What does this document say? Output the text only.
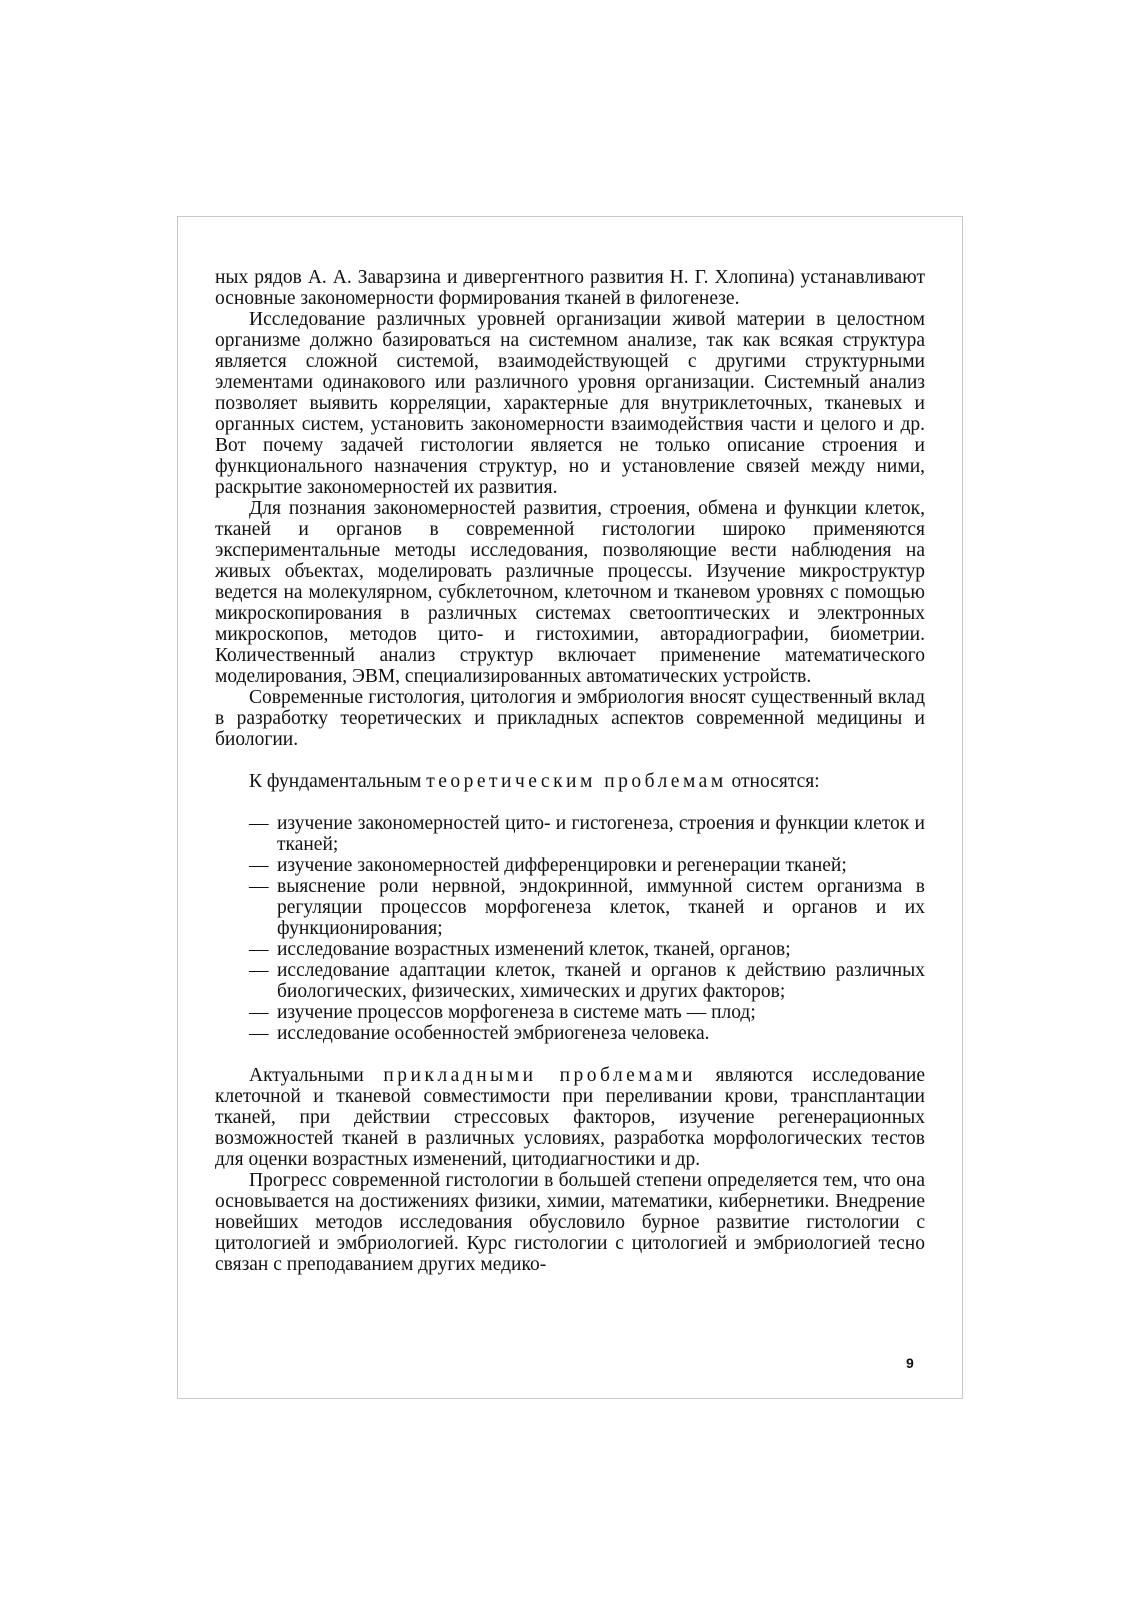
ных рядов А. А. Заварзина и дивергентного развития Н. Г. Хлопина) устанавливают основные закономерности формирования тканей в филогенезе.

Исследование различных уровней организации живой материи в целостном организме должно базироваться на системном анализе, так как всякая структура является сложной системой, взаимодействующей с другими структурными элементами одинакового или различного уровня организации. Системный анализ позволяет выявить корреляции, характерные для внутриклеточных, тканевых и органных систем, установить закономерности взаимодействия части и целого и др. Вот почему задачей гистологии является не только описание строения и функционального назначения структур, но и установление связей между ними, раскрытие закономерностей их развития.

Для познания закономерностей развития, строения, обмена и функции клеток, тканей и органов в современной гистологии широко применяются экспериментальные методы исследования, позволяющие вести наблюдения на живых объектах, моделировать различные процессы. Изучение микроструктур ведется на молекулярном, субклеточном, клеточном и тканевом уровнях с помощью микроскопирования в различных системах светооптических и электронных микроскопов, методов цито- и гистохимии, авторадиографии, биометрии. Количественный анализ структур включает применение математического моделирования, ЭВМ, специализированных автоматических устройств.

Современные гистология, цитология и эмбриология вносят существенный вклад в разработку теоретических и прикладных аспектов современной медицины и биологии.

К фундаментальным теоретическим проблемам относятся:

— изучение закономерностей цито- и гистогенеза, строения и функции клеток и тканей;
— изучение закономерностей дифференцировки и регенерации тканей;
— выяснение роли нервной, эндокринной, иммунной систем организма в регуляции процессов морфогенеза клеток, тканей и органов и их функционирования;
— исследование возрастных изменений клеток, тканей, органов;
— исследование адаптации клеток, тканей и органов к действию различных биологических, физических, химических и других факторов;
— изучение процессов морфогенеза в системе мать — плод;
— исследование особенностей эмбриогенеза человека.

Актуальными прикладными проблемами являются исследование клеточной и тканевой совместимости при переливании крови, трансплантации тканей, при действии стрессовых факторов, изучение регенерационных возможностей тканей в различных условиях, разработка морфологических тестов для оценки возрастных изменений, цитодиагностики и др.

Прогресс современной гистологии в большей степени определяется тем, что она основывается на достижениях физики, химии, математики, кибернетики. Внедрение новейших методов исследования обусловило бурное развитие гистологии с цитологией и эмбриологией. Курс гистологии с цитологией и эмбриологией тесно связан с преподаванием других медико-

9
